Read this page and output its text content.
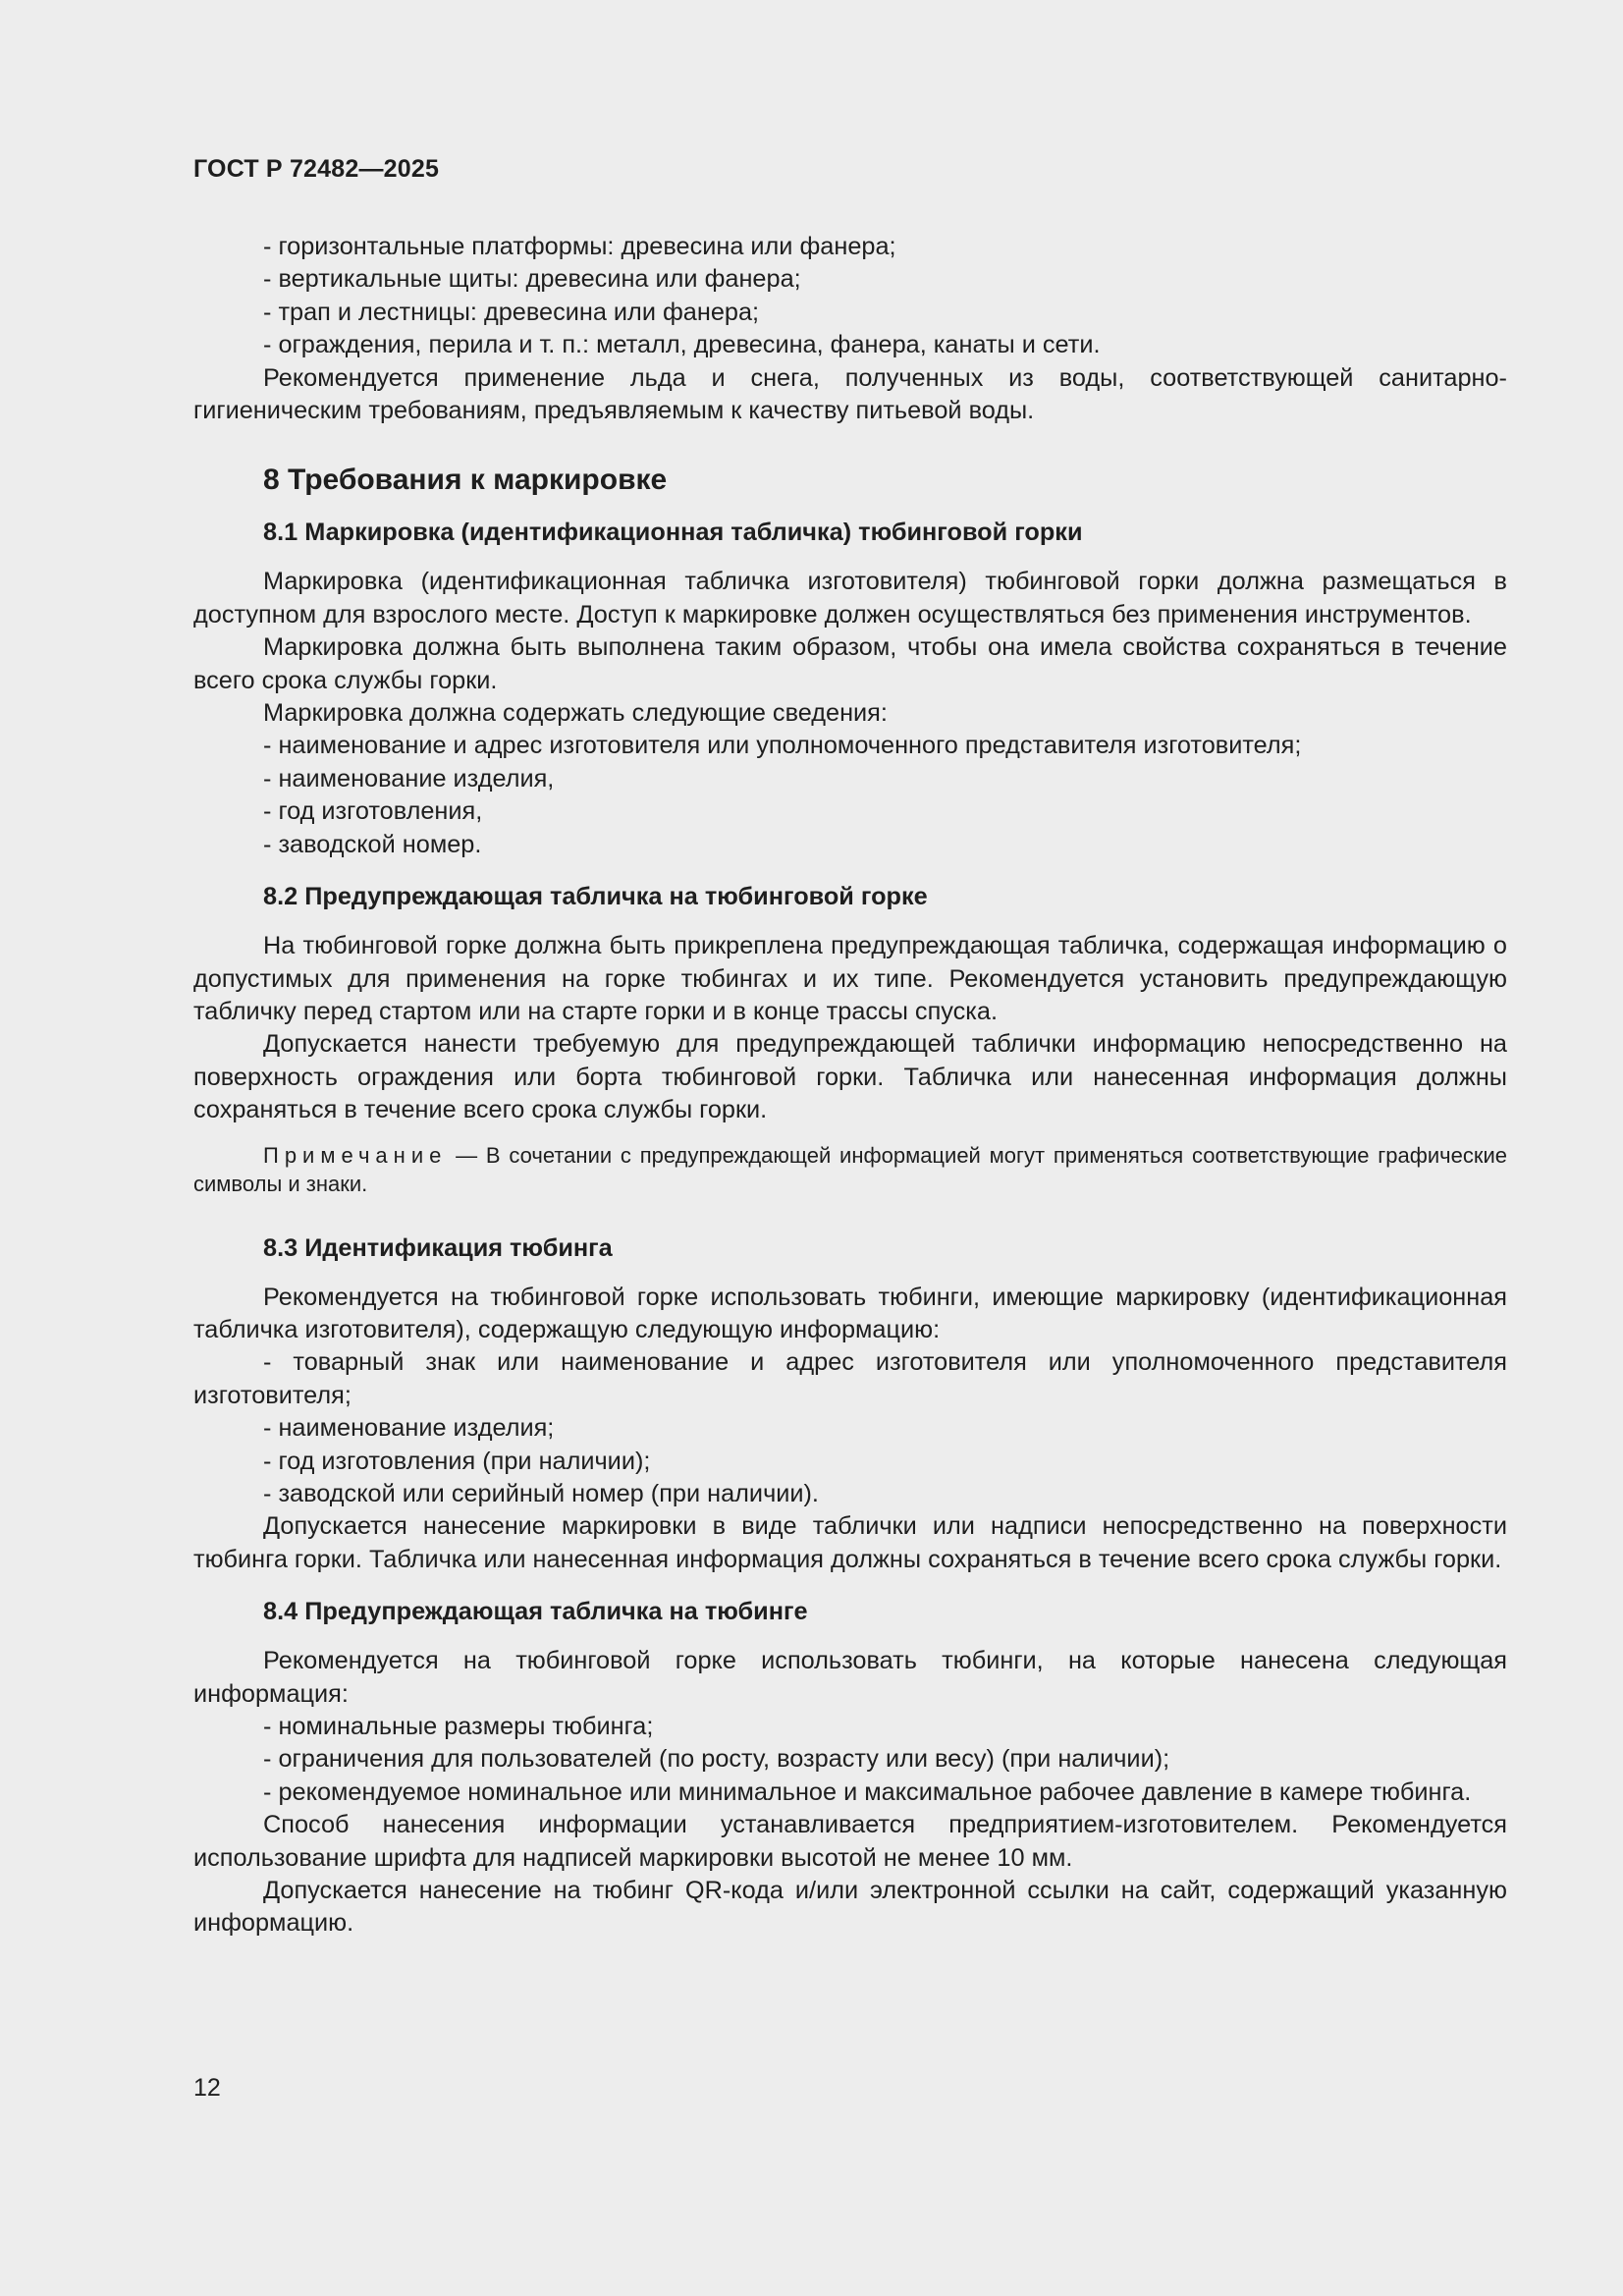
ГОСТ Р 72482—2025

- горизонтальные платформы: древесина или фанера;

- вертикальные щиты: древесина или фанера;

- трап и лестницы: древесина или фанера;

- ограждения, перила и т. п.: металл, древесина, фанера, канаты и сети.

Рекомендуется применение льда и снега, полученных из воды, соответствующей санитарно-гигиеническим требованиям, предъявляемым к качеству питьевой воды.

8 Требования к маркировке
8.1 Маркировка (идентификационная табличка) тюбинговой горки

Маркировка (идентификационная табличка изготовителя) тюбинговой горки должна размещаться в доступном для взрослого месте. Доступ к маркировке должен осуществляться без применения инструментов.

Маркировка должна быть выполнена таким образом, чтобы она имела свойства сохраняться в течение всего срока службы горки.

Маркировка должна содержать следующие сведения:

- наименование и адрес изготовителя или уполномоченного представителя изготовителя;

- наименование изделия,

- год изготовления,

- заводской номер.

8.2 Предупреждающая табличка на тюбинговой горке

На тюбинговой горке должна быть прикреплена предупреждающая табличка, содержащая информацию о допустимых для применения на горке тюбингах и их типе. Рекомендуется установить предупреждающую табличку перед стартом или на старте горки и в конце трассы спуска.

Допускается нанести требуемую для предупреждающей таблички информацию непосредственно на поверхность ограждения или борта тюбинговой горки. Табличка или нанесенная информация должны сохраняться в течение всего срока службы горки.

Примечание — В сочетании с предупреждающей информацией могут применяться соответствующие графические символы и знаки.

8.3 Идентификация тюбинга

Рекомендуется на тюбинговой горке использовать тюбинги, имеющие маркировку (идентификационная табличка изготовителя), содержащую следующую информацию:

- товарный знак или наименование и адрес изготовителя или уполномоченного представителя изготовителя;

- наименование изделия;

- год изготовления (при наличии);

- заводской или серийный номер (при наличии).

Допускается нанесение маркировки в виде таблички или надписи непосредственно на поверхности тюбинга горки. Табличка или нанесенная информация должны сохраняться в течение всего срока службы горки.

8.4 Предупреждающая табличка на тюбинге

Рекомендуется на тюбинговой горке использовать тюбинги, на которые нанесена следующая информация:

- номинальные размеры тюбинга;

- ограничения для пользователей (по росту, возрасту или весу) (при наличии);

- рекомендуемое номинальное или минимальное и максимальное рабочее давление в камере тюбинга.

Способ нанесения информации устанавливается предприятием-изготовителем. Рекомендуется использование шрифта для надписей маркировки высотой не менее 10 мм.

Допускается нанесение на тюбинг QR-кода и/или электронной ссылки на сайт, содержащий указанную информацию.

12
